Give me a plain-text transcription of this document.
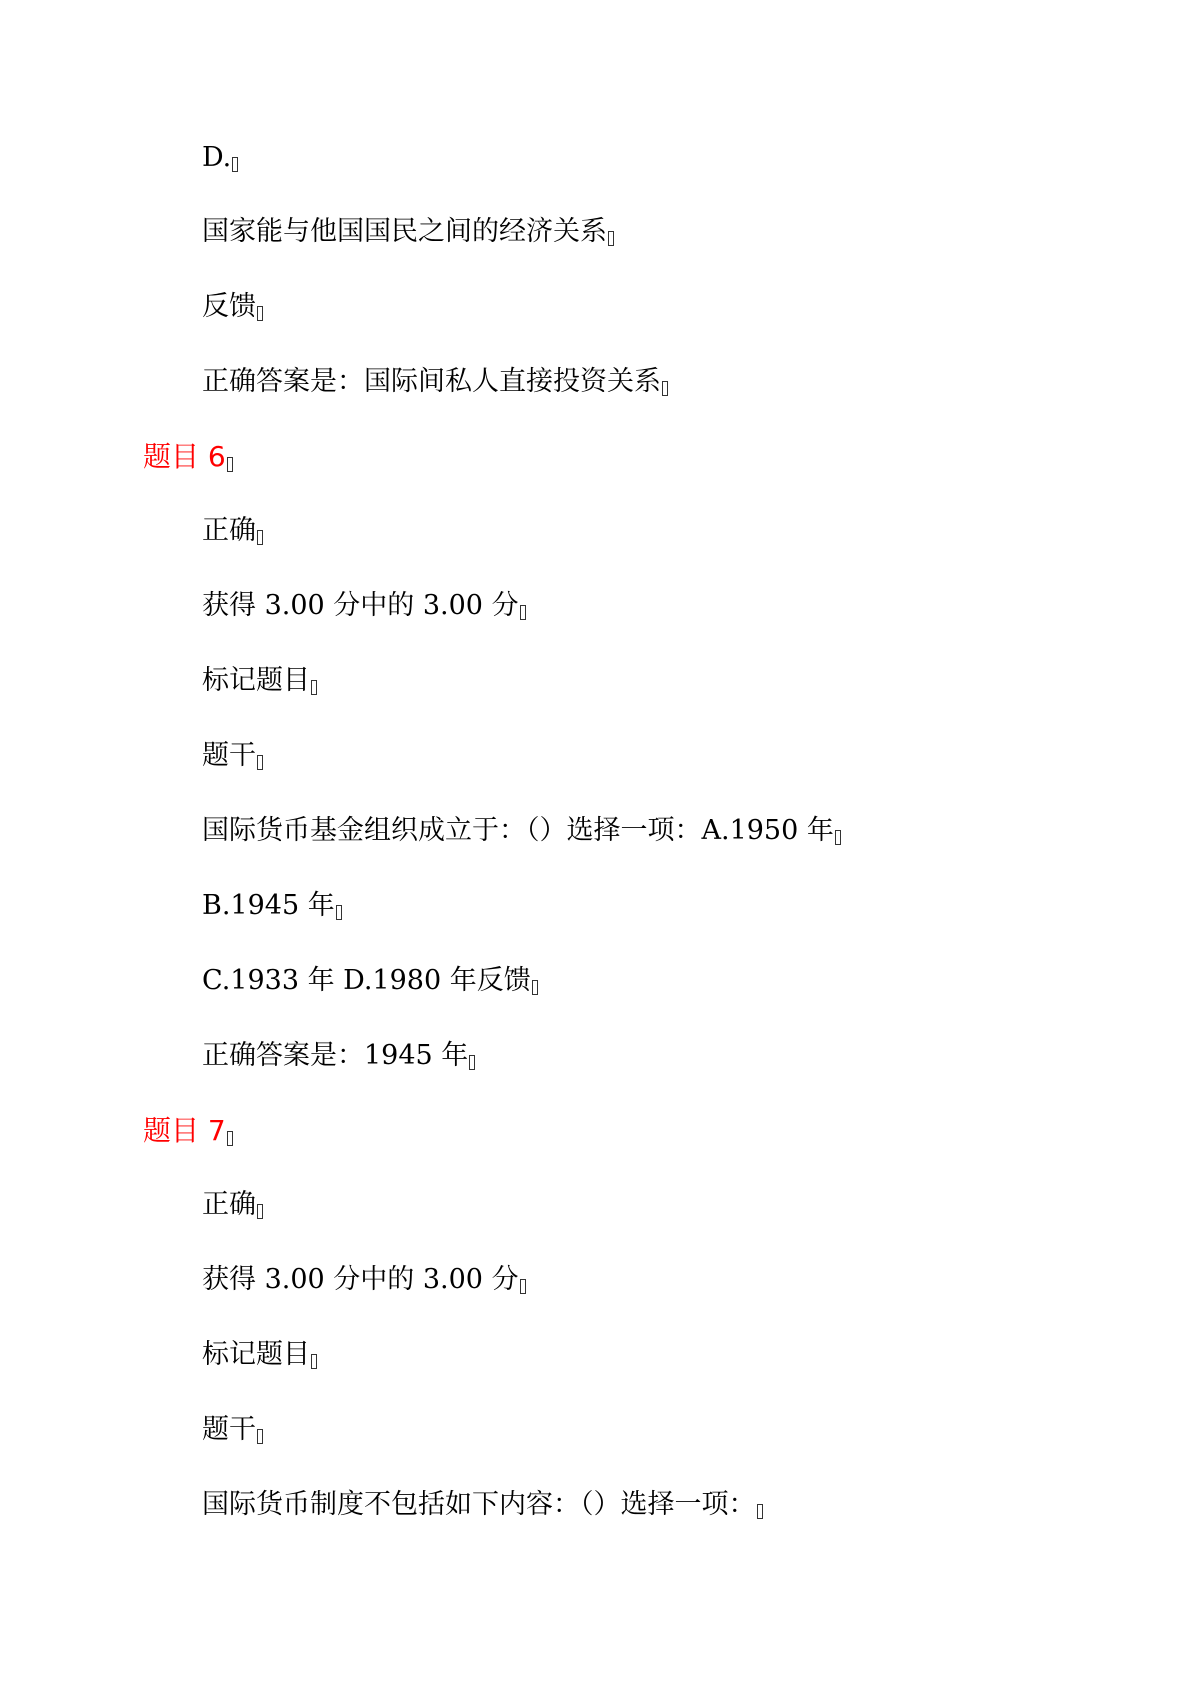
D.
国家能与他国国民之间的经济关系
反馈
正确答案是：国际间私人直接投资关系
题目 6
正确
获得 3.00 分中的 3.00 分
标记题目
题干
国际货币基金组织成立于：（）选择一项：A.1950 年
B.1945 年
C.1933 年 D.1980 年反馈
正确答案是：1945 年
题目 7
正确
获得 3.00 分中的 3.00 分
标记题目
题干
国际货币制度不包括如下内容：（）选择一项：
